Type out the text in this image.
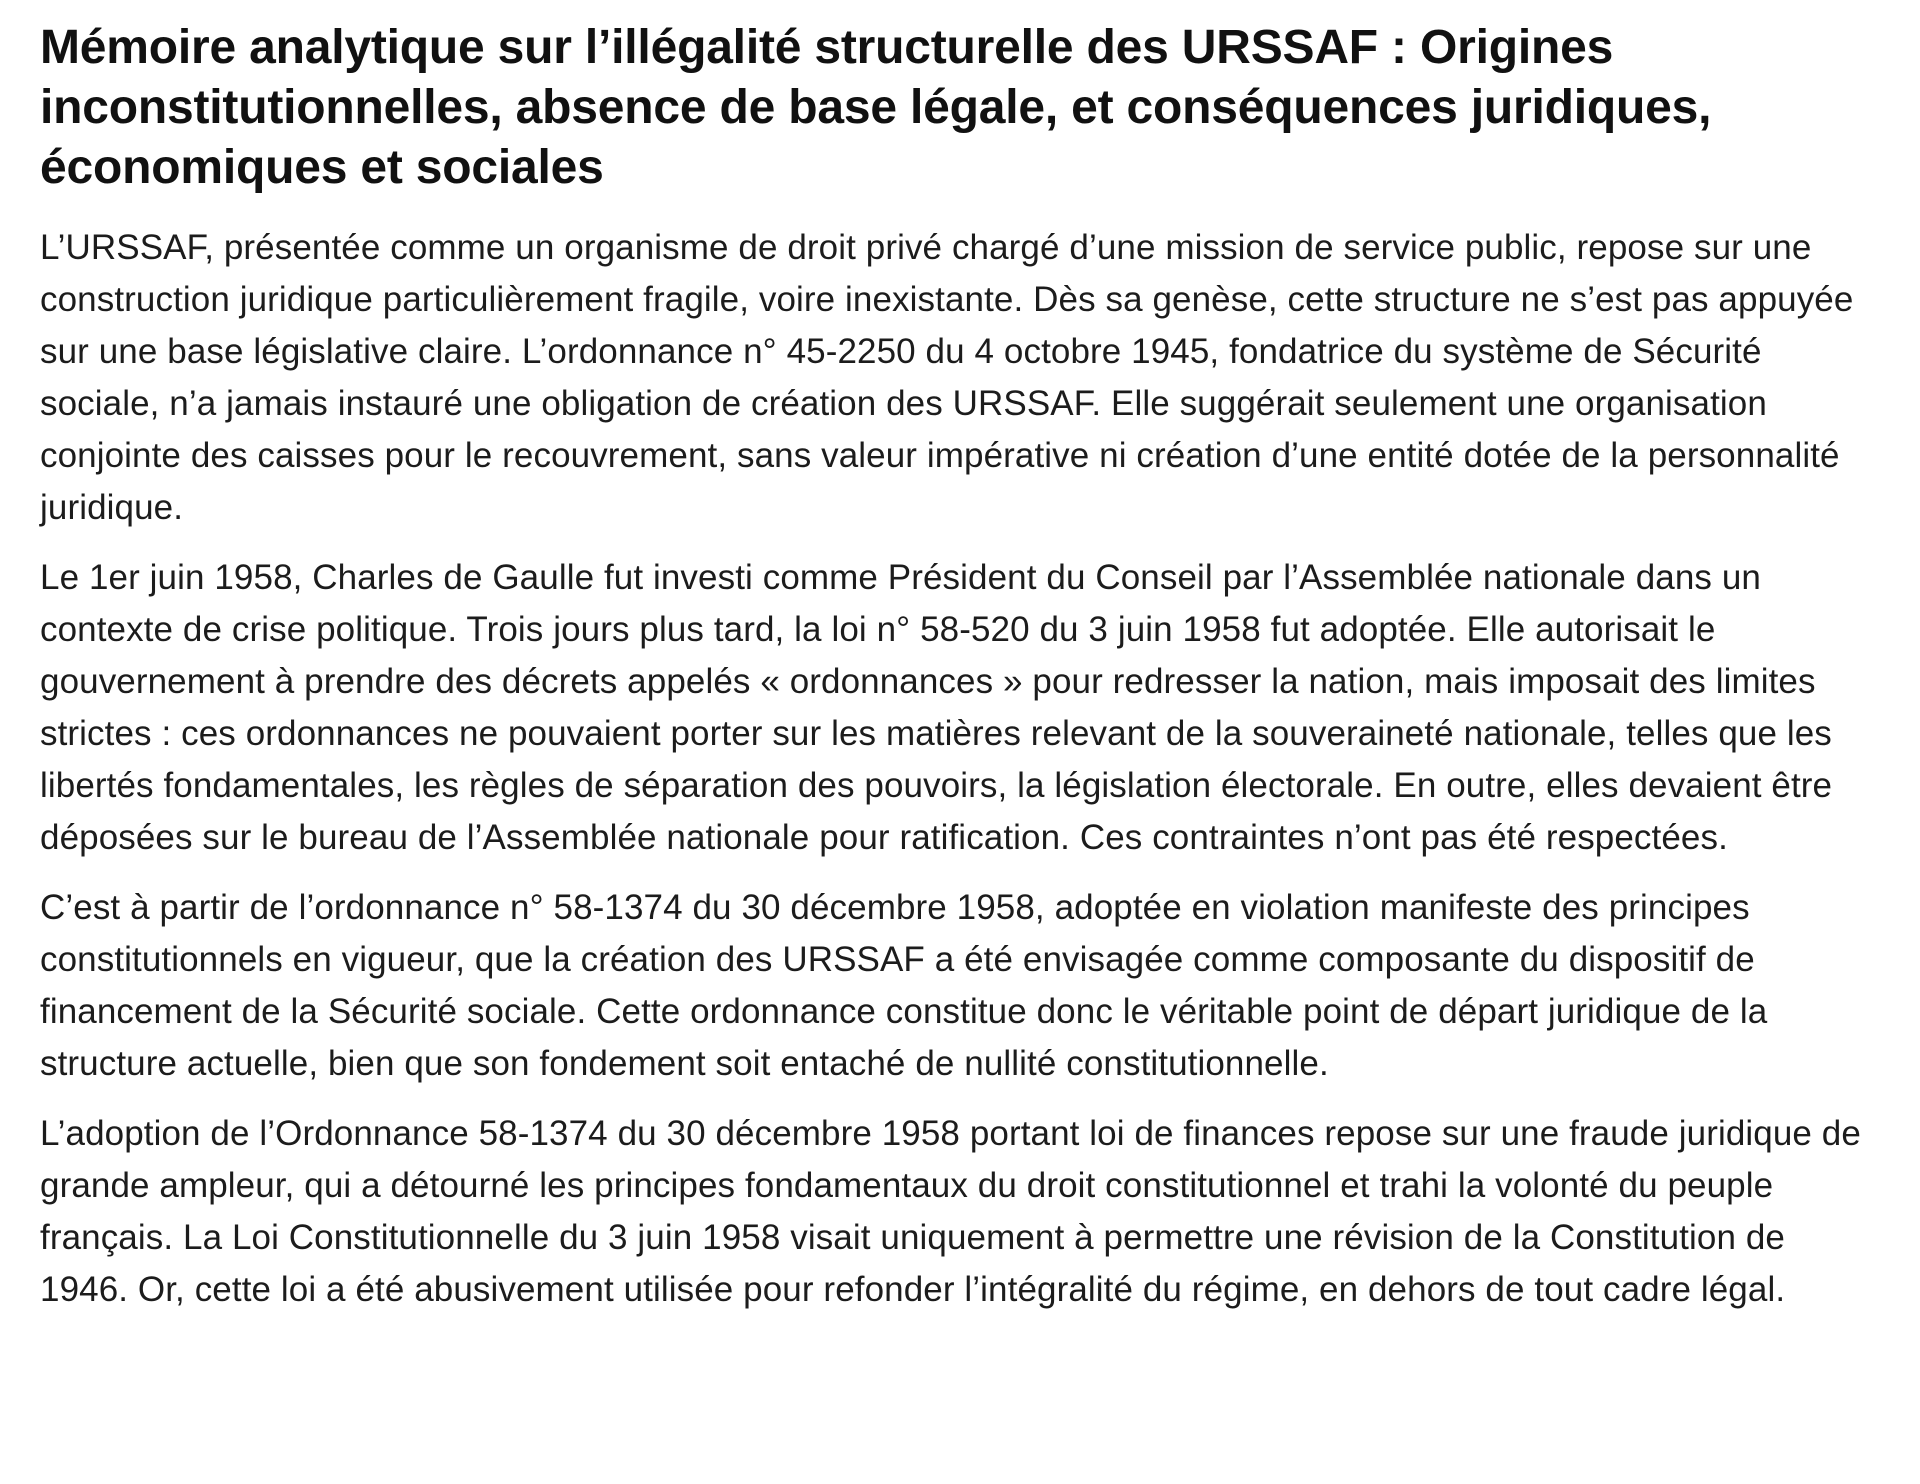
Mémoire analytique sur l’illégalité structurelle des URSSAF : Origines inconstitutionnelles, absence de base légale, et conséquences juridiques, économiques et sociales

L’URSSAF, présentée comme un organisme de droit privé chargé d’une mission de service public, repose sur une construction juridique particulièrement fragile, voire inexistante. Dès sa genèse, cette structure ne s’est pas appuyée sur une base législative claire. L’ordonnance n° 45-2250 du 4 octobre 1945, fondatrice du système de Sécurité sociale, n’a jamais instauré une obligation de création des URSSAF. Elle suggérait seulement une organisation conjointe des caisses pour le recouvrement, sans valeur impérative ni création d’une entité dotée de la personnalité juridique.

Le 1er juin 1958, Charles de Gaulle fut investi comme Président du Conseil par l’Assemblée nationale dans un contexte de crise politique. Trois jours plus tard, la loi n° 58-520 du 3 juin 1958 fut adoptée. Elle autorisait le gouvernement à prendre des décrets appelés « ordonnances » pour redresser la nation, mais imposait des limites strictes : ces ordonnances ne pouvaient porter sur les matières relevant de la souveraineté nationale, telles que les libertés fondamentales, les règles de séparation des pouvoirs, la législation électorale. En outre, elles devaient être déposées sur le bureau de l’Assemblée nationale pour ratification. Ces contraintes n’ont pas été respectées.

C’est à partir de l’ordonnance n° 58-1374 du 30 décembre 1958, adoptée en violation manifeste des principes constitutionnels en vigueur, que la création des URSSAF a été envisagée comme composante du dispositif de financement de la Sécurité sociale. Cette ordonnance constitue donc le véritable point de départ juridique de la structure actuelle, bien que son fondement soit entaché de nullité constitutionnelle.

L’adoption de l’Ordonnance 58-1374 du 30 décembre 1958 portant loi de finances repose sur une fraude juridique de grande ampleur, qui a détourné les principes fondamentaux du droit constitutionnel et trahi la volonté du peuple français. La Loi Constitutionnelle du 3 juin 1958 visait uniquement à permettre une révision de la Constitution de 1946. Or, cette loi a été abusivement utilisée pour refonder l’intégralité du régime, en dehors de tout cadre légal.
